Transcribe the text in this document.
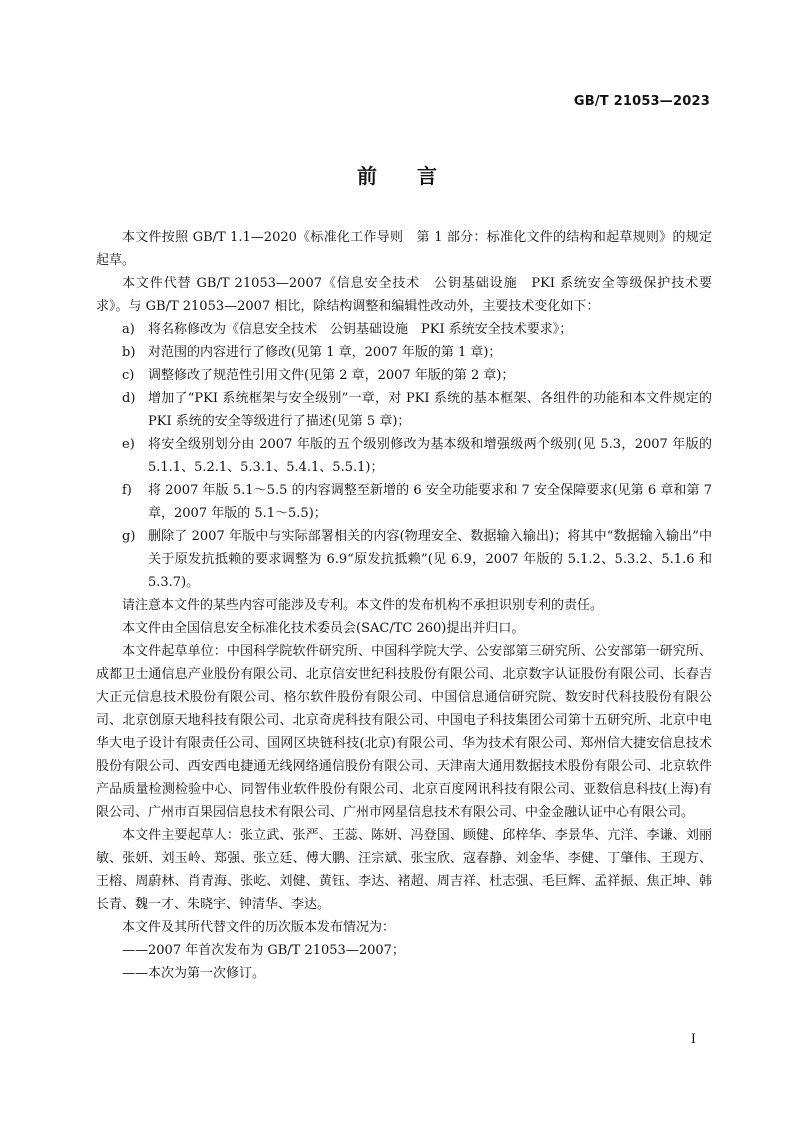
GB/T 21053—2023
前言

本文件按照 GB/T 1.1—2020《标准化工作导则　第 1 部分：标准化文件的结构和起草规则》的规定起草。

本文件代替 GB/T 21053—2007《信息安全技术　公钥基础设施　PKI 系统安全等级保护技术要求》。与 GB/T 21053—2007 相比，除结构调整和编辑性改动外，主要技术变化如下：

a) 将名称修改为《信息安全技术　公钥基础设施　PKI 系统安全技术要求》；
b) 对范围的内容进行了修改(见第 1 章，2007 年版的第 1 章)；
c) 调整修改了规范性引用文件(见第 2 章，2007 年版的第 2 章)；
d) 增加了“PKI 系统框架与安全级别”一章，对 PKI 系统的基本框架、各组件的功能和本文件规定的 PKI 系统的安全等级进行了描述(见第 5 章)；
e) 将安全级别划分由 2007 年版的五个级别修改为基本级和增强级两个级别(见 5.3，2007 年版的 5.1.1、5.2.1、5.3.1、5.4.1、5.5.1)；
f) 将 2007 年版 5.1～5.5 的内容调整至新增的 6 安全功能要求和 7 安全保障要求(见第 6 章和第 7 章，2007 年版的 5.1～5.5)；
g) 删除了 2007 年版中与实际部署相关的内容(物理安全、数据输入输出)；将其中“数据输入输出”中关于原发抗抵赖的要求调整为 6.9“原发抗抵赖”(见 6.9，2007 年版的 5.1.2、5.3.2、5.1.6 和 5.3.7)。

请注意本文件的某些内容可能涉及专利。本文件的发布机构不承担识别专利的责任。

本文件由全国信息安全标准化技术委员会(SAC/TC 260)提出并归口。

本文件起草单位：中国科学院软件研究所、中国科学院大学、公安部第三研究所、公安部第一研究所、成都卫士通信息产业股份有限公司、北京信安世纪科技股份有限公司、北京数字认证股份有限公司、长春吉大正元信息技术股份有限公司、格尔软件股份有限公司、中国信息通信研究院、数安时代科技股份有限公司、北京创原天地科技有限公司、北京奇虎科技有限公司、中国电子科技集团公司第十五研究所、北京中电华大电子设计有限责任公司、国网区块链科技(北京)有限公司、华为技术有限公司、郑州信大捷安信息技术股份有限公司、西安西电捷通无线网络通信股份有限公司、天津南大通用数据技术股份有限公司、北京软件产品质量检测检验中心、同智伟业软件股份有限公司、北京百度网讯科技有限公司、亚数信息科技(上海)有限公司、广州市百果园信息技术有限公司、广州市网星信息技术有限公司、中金金融认证中心有限公司。

本文件主要起草人：张立武、张严、王蕊、陈妍、冯登国、顾健、邱梓华、李景华、亢洋、李谦、刘丽敏、张妍、刘玉岭、郑强、张立廷、傅大鹏、汪宗斌、张宝欣、寇春静、刘金华、李健、丁肇伟、王现方、王榕、周蔚林、肖青海、张屹、刘健、黄钰、李达、褚超、周吉祥、杜志强、毛巨辉、孟祥振、焦正坤、韩长青、魏一才、朱晓宇、钟清华、李达。

本文件及其所代替文件的历次版本发布情况为：

——2007 年首次发布为 GB/T 21053—2007；

——本次为第一次修订。

I
